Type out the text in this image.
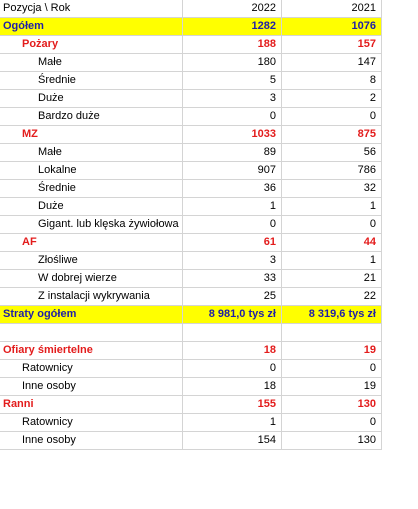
Pozycja \ Rok	2022	2021
Ogółem	1282	1076
Pożary	188	157
Małe	180	147
Średnie	5	8
Duże	3	2
Bardzo duże	0	0
MZ	1033	875
Małe	89	56
Lokalne	907	786
Średnie	36	32
Duże	1	1
Gigant. lub klęska żywiołowa	0	0
AF	61	44
Złośliwe	3	1
W dobrej wierze	33	21
Z instalacji wykrywania	25	22
Straty ogółem	8 981,0 tys zł	8 319,6 tys zł
Ofiary śmiertelne	18	19
Ratownicy	0	0
Inne osoby	18	19
Ranni	155	130
Ratownicy	1	0
Inne osoby	154	130
